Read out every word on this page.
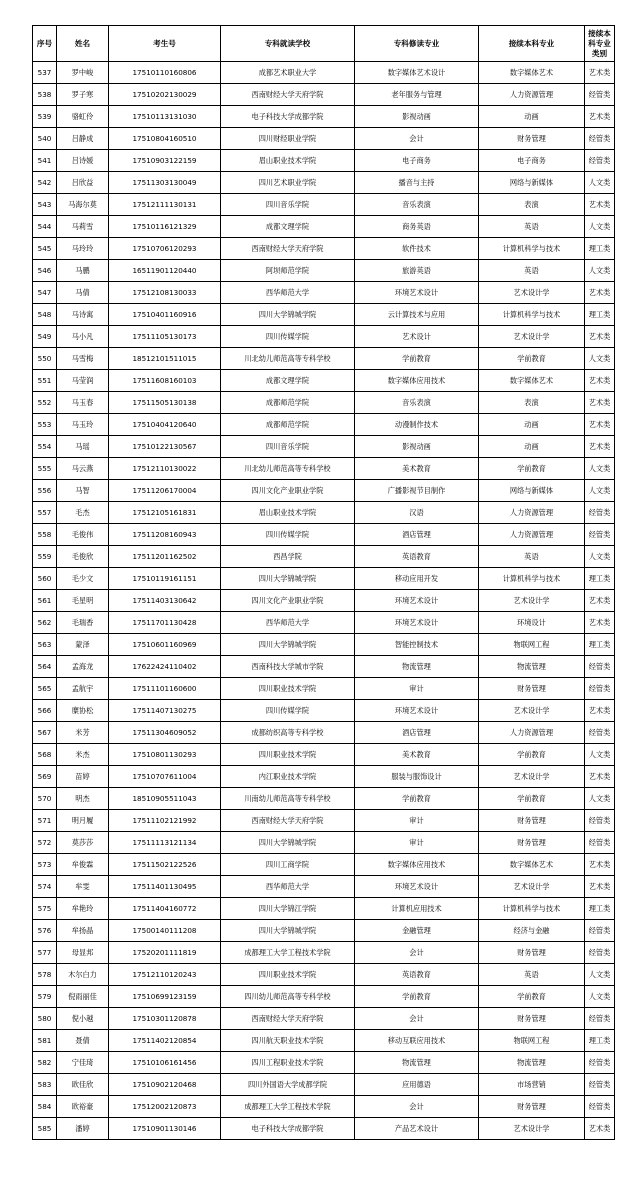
序号	姓名	考生号	专科就读学校	专科修读专业	接续本科专业	接续本科专业类别
537	罗中峻	17510110160806	成都艺术职业大学	数字媒体艺术设计	数字媒体艺术	艺术类
538	罗子寒	17510202130029	西南财经大学天府学院	老年服务与管理	人力资源管理	经管类
539	骆虹伶	17510113131030	电子科技大学成都学院	影视动画	动画	艺术类
540	吕静成	17510804160510	四川财经职业学院	会计	财务管理	经管类
541	吕诗媛	17510903122159	眉山职业技术学院	电子商务	电子商务	经管类
542	吕欣益	17511303130049	四川艺术职业学院	播音与主持	网络与新媒体	人文类
543	马海尔莫	17512111130131	四川音乐学院	音乐表演	表演	艺术类
544	马莉雪	17510116121329	成都文理学院	商务英语	英语	人文类
545	马玲玲	17510706120293	西南财经大学天府学院	软件技术	计算机科学与技术	理工类
546	马鹏	16511901120440	阿坝师范学院	旅游英语	英语	人文类
547	马倩	17512108130033	西华师范大学	环境艺术设计	艺术设计学	艺术类
548	马诗寓	17510401160916	四川大学锦城学院	云计算技术与应用	计算机科学与技术	理工类
549	马小凡	17511105130173	四川传媒学院	艺术设计	艺术设计学	艺术类
550	马雪梅	18512101511015	川北幼儿师范高等专科学校	学前教育	学前教育	人文类
551	马莹润	17511608160103	成都文理学院	数字媒体应用技术	数字媒体艺术	艺术类
552	马玉春	17511505130138	成都师范学院	音乐表演	表演	艺术类
553	马玉玲	17510404120640	成都师范学院	动漫制作技术	动画	艺术类
554	马瑶	17510122130567	四川音乐学院	影视动画	动画	艺术类
555	马云燕	17512110130022	川北幼儿师范高等专科学校	美术教育	学前教育	人文类
556	马智	17511206170004	四川文化产业职业学院	广播影视节目制作	网络与新媒体	人文类
557	毛杰	17512105161831	眉山职业技术学院	汉语	人力资源管理	经管类
558	毛俊伟	17511208160943	四川传媒学院	酒店管理	人力资源管理	经管类
559	毛俊欣	17511201162502	西昌学院	英语教育	英语	人文类
560	毛少文	17510119161151	四川大学锦城学院	移动应用开发	计算机科学与技术	理工类
561	毛星明	17511403130642	四川文化产业职业学院	环境艺术设计	艺术设计学	艺术类
562	毛瑞香	17511701130428	西华师范大学	环境艺术设计	环境设计	艺术类
563	蒙泽	17510601160969	四川大学锦城学院	智能控制技术	物联网工程	理工类
564	孟海龙	17622424110402	西南科技大学城市学院	物流管理	物流管理	经管类
565	孟航宇	17511101160600	四川职业技术学院	审计	财务管理	经管类
566	糜协松	17511407130275	四川传媒学院	环境艺术设计	艺术设计学	艺术类
567	米芳	17511304609052	成都纺织高等专科学校	酒店管理	人力资源管理	经管类
568	米杰	17510801130293	四川职业技术学院	美术教育	学前教育	人文类
569	苗婷	17510707611004	内江职业技术学院	服装与服饰设计	艺术设计学	艺术类
570	明杰	18510905511043	川南幼儿师范高等专科学校	学前教育	学前教育	人文类
571	明月履	17511102121992	西南财经大学天府学院	审计	财务管理	经管类
572	莫莎莎	17511113121134	四川大学锦城学院	审计	财务管理	经管类
573	牟俊霖	17511502122526	四川工商学院	数字媒体应用技术	数字媒体艺术	艺术类
574	牟雯	17511401130495	西华师范大学	环境艺术设计	艺术设计学	艺术类
575	牟艳玲	17511404160772	四川大学锦江学院	计算机应用技术	计算机科学与技术	理工类
576	牟扬晶	17500140111208	四川大学锦城学院	金融管理	经济与金融	经管类
577	母显邦	17520201111819	成都理工大学工程技术学院	会计	财务管理	经管类
578	木尔白力	17512110120243	四川职业技术学院	英语教育	英语	人文类
579	倪雨丽佳	17510699123159	四川幼儿师范高等专科学校	学前教育	学前教育	人文类
580	倪小越	17510301120878	西南财经大学天府学院	会计	财务管理	经管类
581	聂倩	17511402120854	四川航天职业技术学院	移动互联应用技术	物联网工程	理工类
582	宁佳琦	17510106161456	四川工程职业技术学院	物流管理	物流管理	经管类
583	欧佳欣	17510902120468	四川外国语大学成都学院	应用德语	市场营销	经管类
584	欧裕豪	17512002120873	成都理工大学工程技术学院	会计	财务管理	经管类
585	潘婷	17510901130146	电子科技大学成都学院	产品艺术设计	艺术设计学	艺术类
